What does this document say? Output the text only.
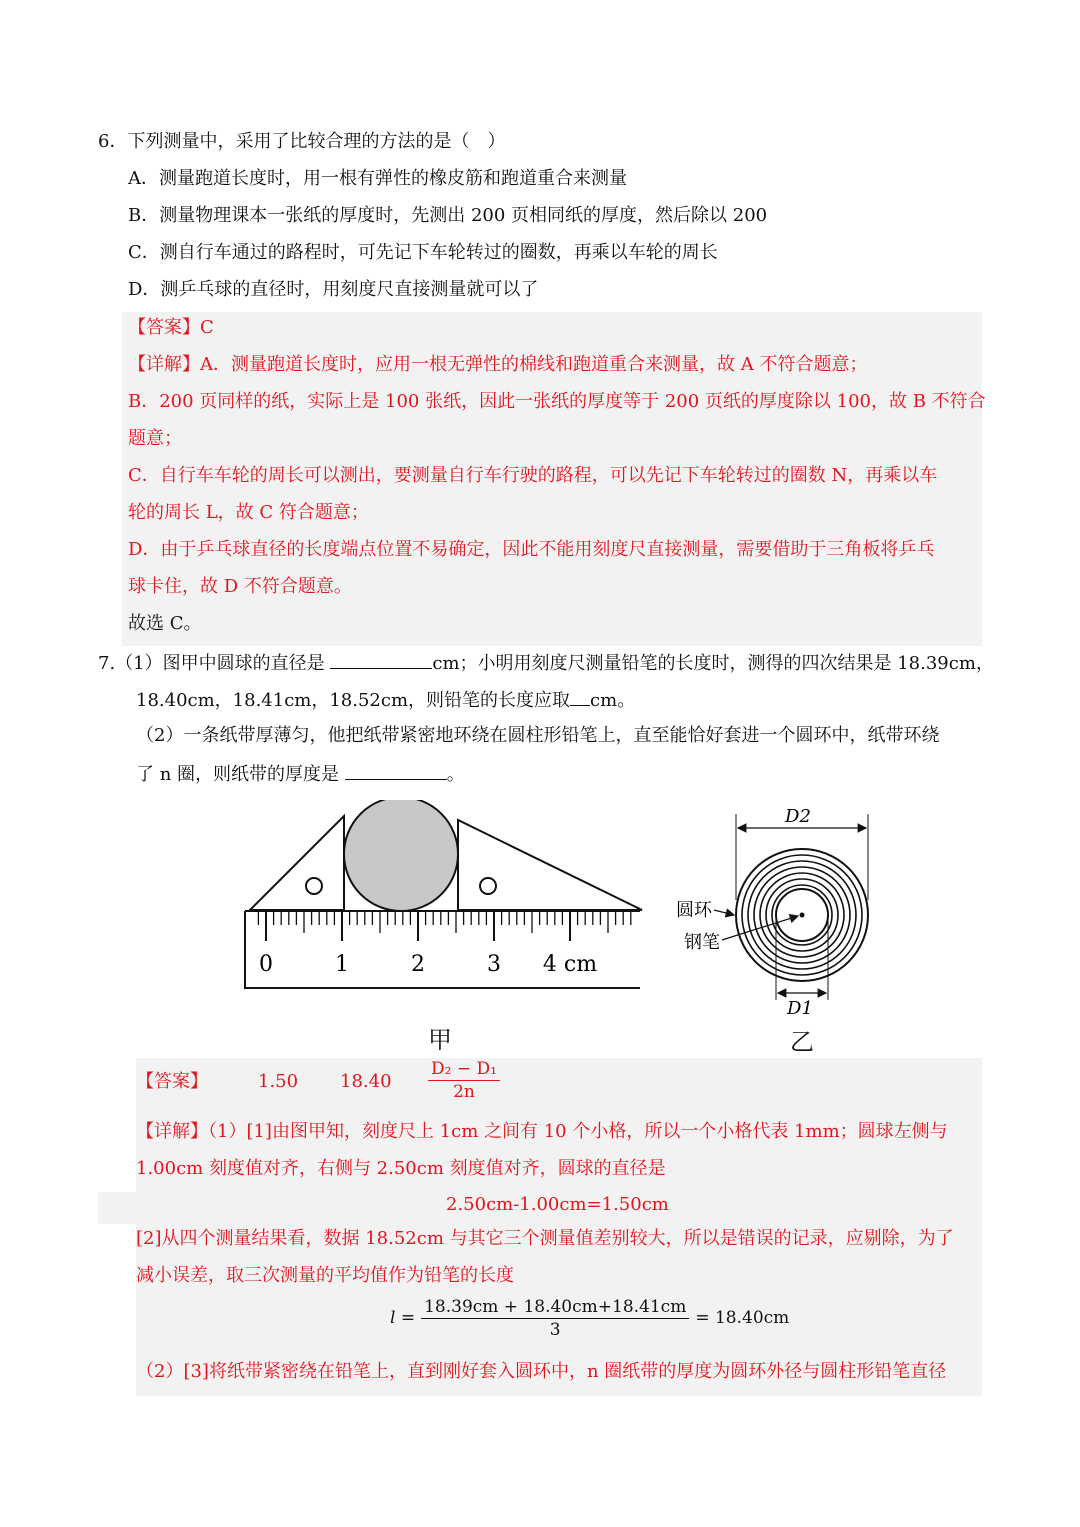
6．下列测量中，采用了比较合理的方法的是（　）
A．测量跑道长度时，用一根有弹性的橡皮筋和跑道重合来测量
B．测量物理课本一张纸的厚度时，先测出 200 页相同纸的厚度，然后除以 200
C．测自行车通过的路程时，可先记下车轮转过的圈数，再乘以车轮的周长
D．测乒乓球的直径时，用刻度尺直接测量就可以了
【答案】C
【详解】A．测量跑道长度时，应用一根无弹性的棉线和跑道重合来测量，故 A 不符合题意；
B．200 页同样的纸，实际上是 100 张纸，因此一张纸的厚度等于 200 页纸的厚度除以 100，故 B 不符合
题意；
C．自行车车轮的周长可以测出，要测量自行车行驶的路程，可以先记下车轮转过的圈数 N，再乘以车
轮的周长 L，故 C 符合题意；
D．由于乒乓球直径的长度端点位置不易确定，因此不能用刻度尺直接测量，需要借助于三角板将乒乓
球卡住，故 D 不符合题意。
故选 C。
7.（1）图甲中圆球的直径是	cm；小明用刻度尺测量铅笔的长度时，测得的四次结果是 18.39cm，
18.40cm，18.41cm，18.52cm，则铅笔的长度应取 cm。
（2）一条纸带厚薄匀，他把纸带紧密地环绕在圆柱形铅笔上，直至能恰好套进一个圆环中，纸带环绕
了 n 圈，则纸带的厚度是	。
0	1	2	3 4 cm
甲
D2
D1
圆环
钢笔
乙
【答案】	1.50 $18.40 \frac{\text{D₂ − D₁}}{2n}$
【详解】（1）[1]由图甲知，刻度尺上 1cm 之间有 10 个小格，所以一个小格代表 1mm；圆球左侧与
1.00cm 刻度值对齐，右侧与 2.50cm 刻度值对齐，圆球的直径是
2.50cm-1.00cm=1.50cm
[2]从四个测量结果看，数据 18.52cm 与其它三个测量值差别较大，所以是错误的记录，应剔除，为了
减小误差，取三次测量的平均值作为铅笔的长度
$l = \frac{18.39cm + 18.40cm+18.41cm}{3} = 18.40cm$
（2）[3]将纸带紧密绕在铅笔上，直到刚好套入圆环中，n 圈纸带的厚度为圆环外径与圆柱形铅笔直径
